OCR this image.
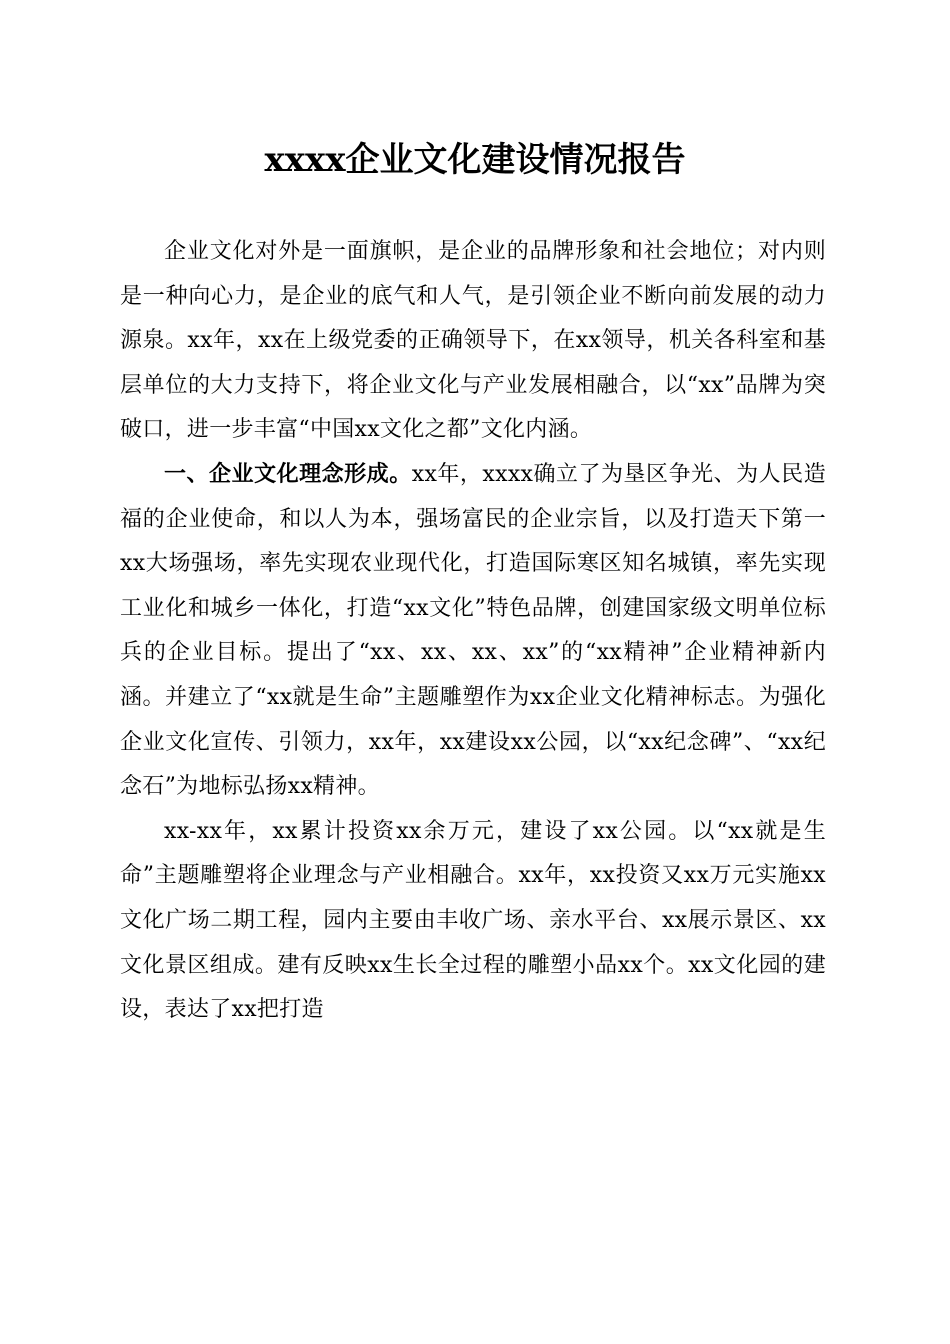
xxxx企业文化建设情况报告

企业文化对外是一面旗帜，是企业的品牌形象和社会地位；对内则是一种向心力，是企业的底气和人气，是引领企业不断向前发展的动力源泉。xx年，xx在上级党委的正确领导下，在xx领导，机关各科室和基层单位的大力支持下，将企业文化与产业发展相融合，以“xx”品牌为突破口，进一步丰富“中国xx文化之都”文化内涵。

一、企业文化理念形成。xx年，xxxx确立了为垦区争光、为人民造福的企业使命，和以人为本，强场富民的企业宗旨，以及打造天下第一xx大场强场，率先实现农业现代化，打造国际寒区知名城镇，率先实现工业化和城乡一体化，打造“xx文化”特色品牌，创建国家级文明单位标兵的企业目标。提出了“xx、xx、xx、xx”的“xx精神”企业精神新内涵。并建立了“xx就是生命”主题雕塑作为xx企业文化精神标志。为强化企业文化宣传、引领力，xx年，xx建设xx公园，以“xx纪念碑”、“xx纪念石”为地标弘扬xx精神。

xx-xx年，xx累计投资xx余万元，建设了xx公园。以“xx就是生命”主题雕塑将企业理念与产业相融合。xx年，xx投资又xx万元实施xx文化广场二期工程，园内主要由丰收广场、亲水平台、xx展示景区、xx文化景区组成。建有反映xx生长全过程的雕塑小品xx个。xx文化园的建设，表达了xx把打造
